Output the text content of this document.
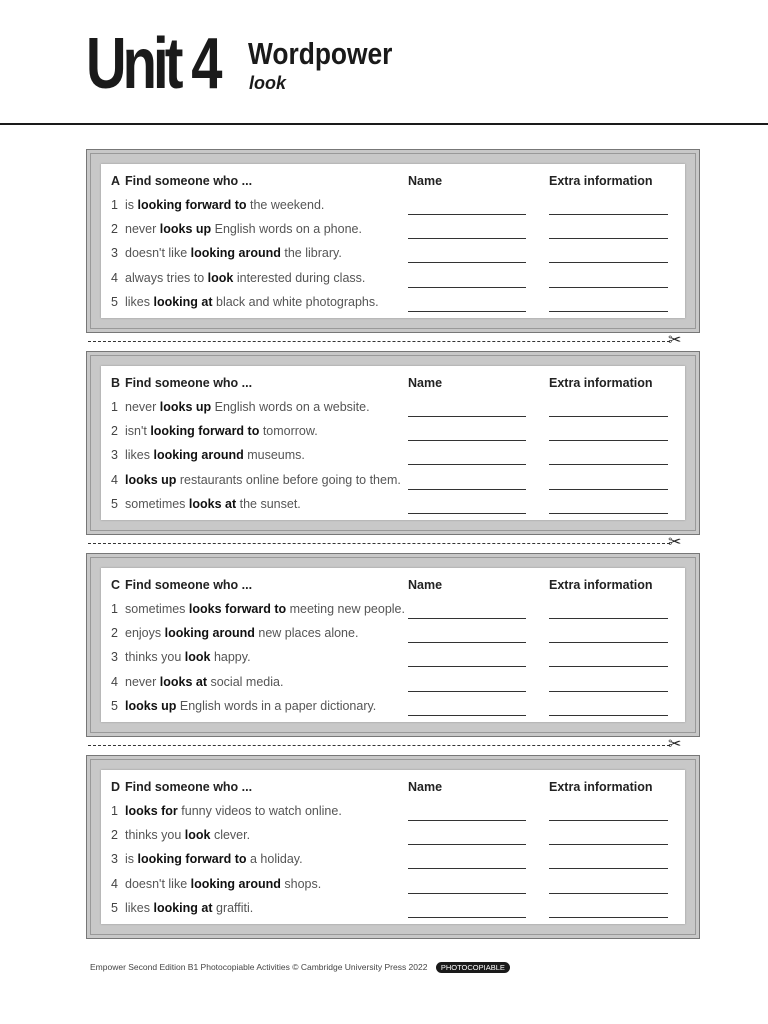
Unit 4 Wordpower
look
A Find someone who ...	Name	Extra information
1 is looking forward to the weekend.
2 never looks up English words on a phone.
3 doesn't like looking around the library.
4 always tries to look interested during class.
5 likes looking at black and white photographs.
B Find someone who ...	Name	Extra information
1 never looks up English words on a website.
2 isn't looking forward to tomorrow.
3 likes looking around museums.
4 looks up restaurants online before going to them.
5 sometimes looks at the sunset.
C Find someone who ...	Name	Extra information
1 sometimes looks forward to meeting new people.
2 enjoys looking around new places alone.
3 thinks you look happy.
4 never looks at social media.
5 looks up English words in a paper dictionary.
D Find someone who ...	Name	Extra information
1 looks for funny videos to watch online.
2 thinks you look clever.
3 is looking forward to a holiday.
4 doesn't like looking around shops.
5 likes looking at graffiti.
✂
✂
✂
Empower Second Edition B1 Photocopiable Activities © Cambridge University Press 2022 PHOTOCOPIABLE
